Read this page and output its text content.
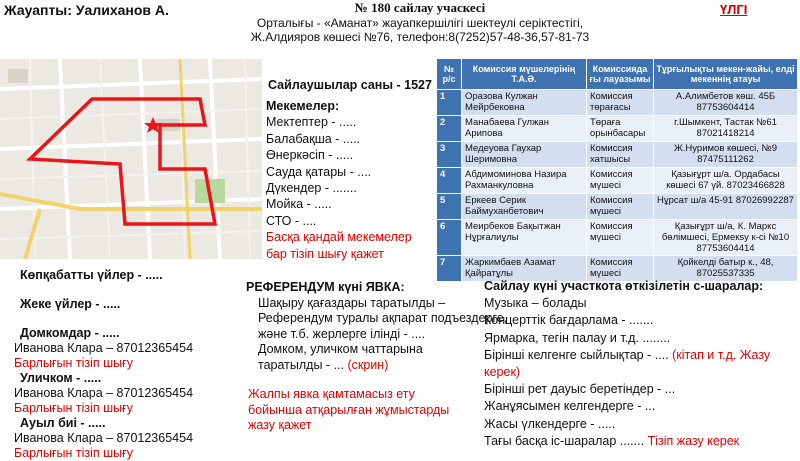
Жауапты: Уалиханов А.	№ 180 сайлау учаскесі
Орталығы - «Аманат» жауапкершілігі шектеулі серіктестігі,
Ж.Алдияров көшесі №76, телефон:8(7252)57-48-36,57-81-73
ҮЛГІ
Сайлаушылар саны - 1527
Мекемелер:
Мектептер - .....
Балабақша - .....
Өнеркәсіп - .....
Сауда қатары - ....
Дүкендер - .......
Мойка - .....
СТО - ....
Басқа қандай мекемелер
бар тізіп шығу қажет
№ р/с	Комиссия мүшелерінің Т.А.Ә.	Комиссияда ғы лауазымы	Тұрғылықты мекен-жайы, елді мекеннің атауы
1	Оразова Кулжан Мейрбековна	Комиссия төрағасы	А.Алимбетов көш. 45Б 87753604414
2	Манабаева Гулжан Арипова	Төраға орынбасары	г.Шымкент, Тастак №61 87021418214
3	Медеуова Гаухар Шеримовна	Комиссия хатшысы	Ж.Нуримов көшесі, №9 87475111262
4	Абдимоминова Назира Рахманкуловна	Комиссия мүшесі	Қазығұрт ш/а. Ордабасы көшесі 67 үй. 87023466828
5	Еркеев Серик Баймуханбетович	Комиссия мүшесі	Нұрсат ш/а 45-91 87026992287
6	Меирбеков Бақытжан Нұрғалиұлы	Комиссия мүшесі	Қазығұрт ш/а, К. Маркс бөлімшесі, Ермекsу к-сі №10 87753604414
7	Жаркимбаев Азамат Қайратұлы	Комиссия мүшесі	Қойкелді батыр к., 48, 87025537335
Көпқабатты үйлер - .....
Жеке үйлер - .....
Домкомдар - .....
Иванова Клара – 87012365454
Барлығын тізіп шығу
Уличком - .....
Иванова Клара – 87012365454
Барлығын тізіп шығу
Ауыл биі - .....
Иванова Клара – 87012365454
Барлығын тізіп шығу
РЕФЕРЕНДУМ күні ЯВКА:
Шақыру қағаздары таратылды –
Референдум туралы ақпарат подъездерге,
және т.б. жерлерге ілінді - ....
Домком, уличком чаттарына
таратылды - ... (скрин)
Жалпы явка қамтамасыз ету
бойынша атқарылған жұмыстарды
жазу қажет
Сайлау күні участкота өткізілетін с-шаралар:
Музыка – болады
Концерттік бағдарлама - .......
Ярмарка, тегін палау и т.д. ........
Бірінші келгенге сыйлықтар - .... (кітап и т.д. Жазу керек)
Бірінші рет дауыс беретіндер - ...
Жанұясымен келгендерге - ...
Жасы үлкендерге - .....
Тағы басқа іс-шаралар ....... Тізіп жазу керек
